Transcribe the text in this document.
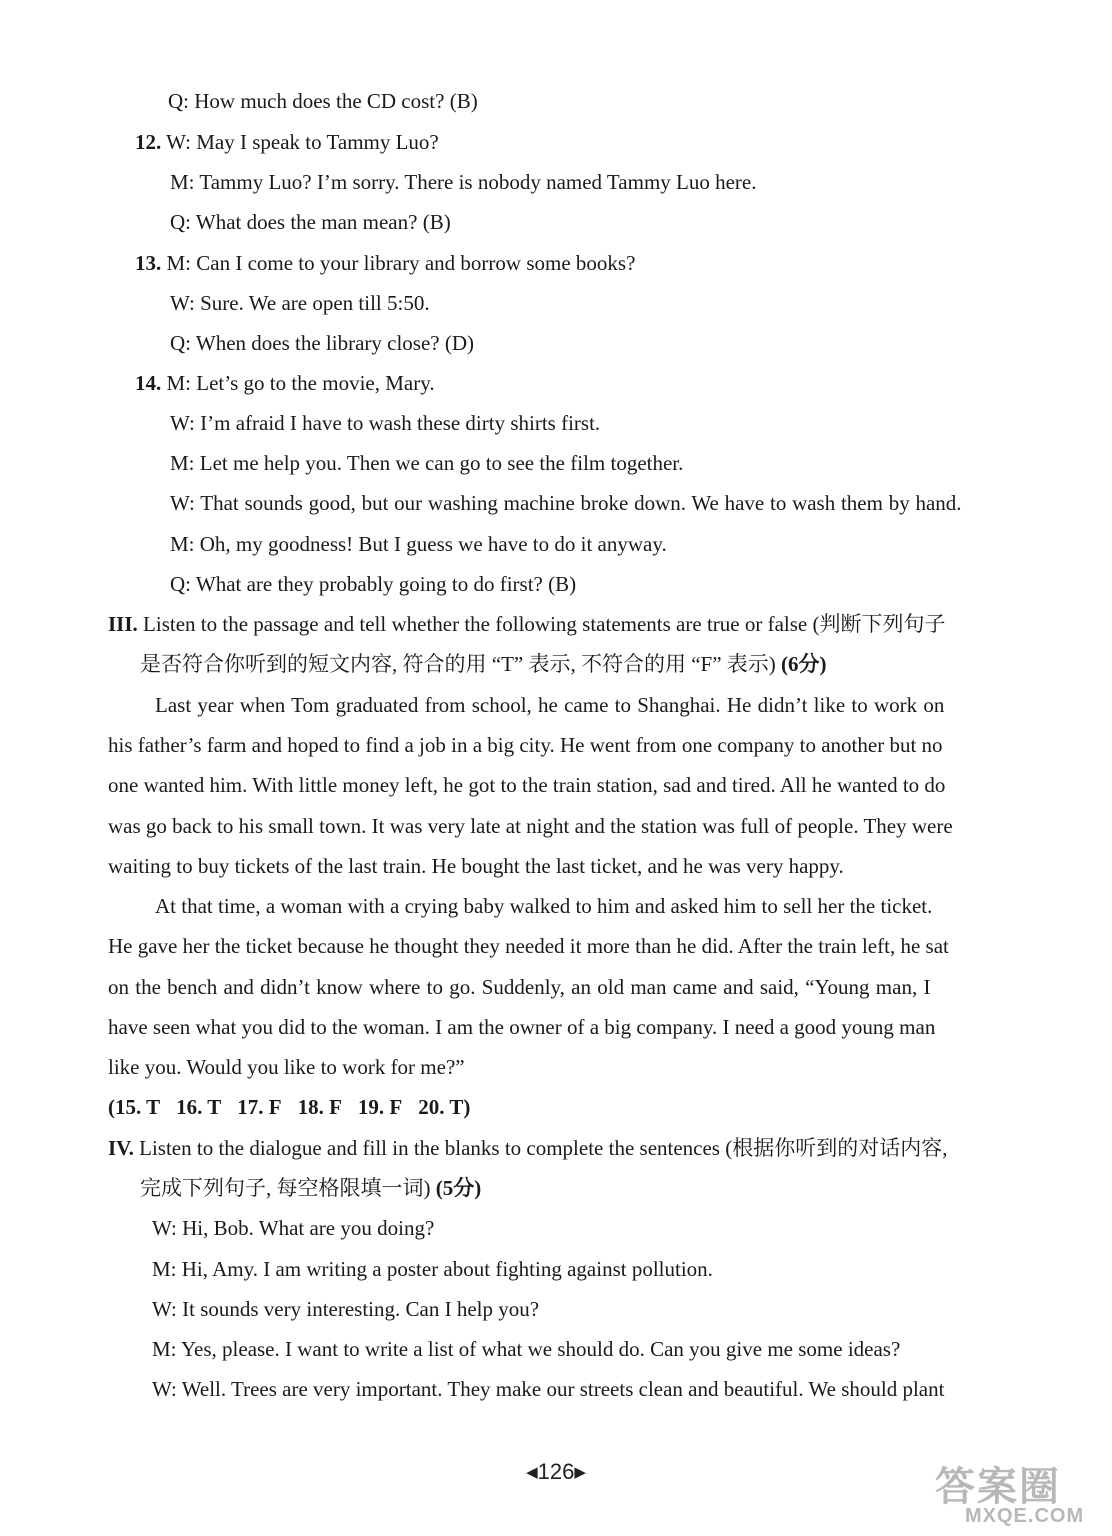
Q: How much does the CD cost? (B)
12. W: May I speak to Tammy Luo?
M: Tammy Luo? I’m sorry. There is nobody named Tammy Luo here.
Q: What does the man mean? (B)
13. M: Can I come to your library and borrow some books?
W: Sure. We are open till 5:50.
Q: When does the library close? (D)
14. M: Let’s go to the movie, Mary.
W: I’m afraid I have to wash these dirty shirts first.
M: Let me help you. Then we can go to see the film together.
W: That sounds good, but our washing machine broke down. We have to wash them by hand.
M: Oh, my goodness! But I guess we have to do it anyway.
Q: What are they probably going to do first? (B)
III. Listen to the passage and tell whether the following statements are true or false (判断下列句子
是否符合你听到的短文内容, 符合的用 “T” 表示, 不符合的用 “F” 表示) (6分)
Last year when Tom graduated from school, he came to Shanghai. He didn’t like to work on
his father’s farm and hoped to find a job in a big city. He went from one company to another but no
one wanted him. With little money left, he got to the train station, sad and tired. All he wanted to do
was go back to his small town. It was very late at night and the station was full of people. They were
waiting to buy tickets of the last train. He bought the last ticket, and he was very happy.
At that time, a woman with a crying baby walked to him and asked him to sell her the ticket.
He gave her the ticket because he thought they needed it more than he did. After the train left, he sat
on the bench and didn’t know where to go. Suddenly, an old man came and said, “Young man, I
have seen what you did to the woman. I am the owner of a big company. I need a good young man
like you. Would you like to work for me?”
(15. T 16. T 17. F 18. F 19. F 20. T)
IV. Listen to the dialogue and fill in the blanks to complete the sentences (根据你听到的对话内容,
完成下列句子, 每空格限填一词) (5分)
W: Hi, Bob. What are you doing?
M: Hi, Amy. I am writing a poster about fighting against pollution.
W: It sounds very interesting. Can I help you?
M: Yes, please. I want to write a list of what we should do. Can you give me some ideas?
W: Well. Trees are very important. They make our streets clean and beautiful. We should plant
◀126▶	答案圈
MXQE.COM
